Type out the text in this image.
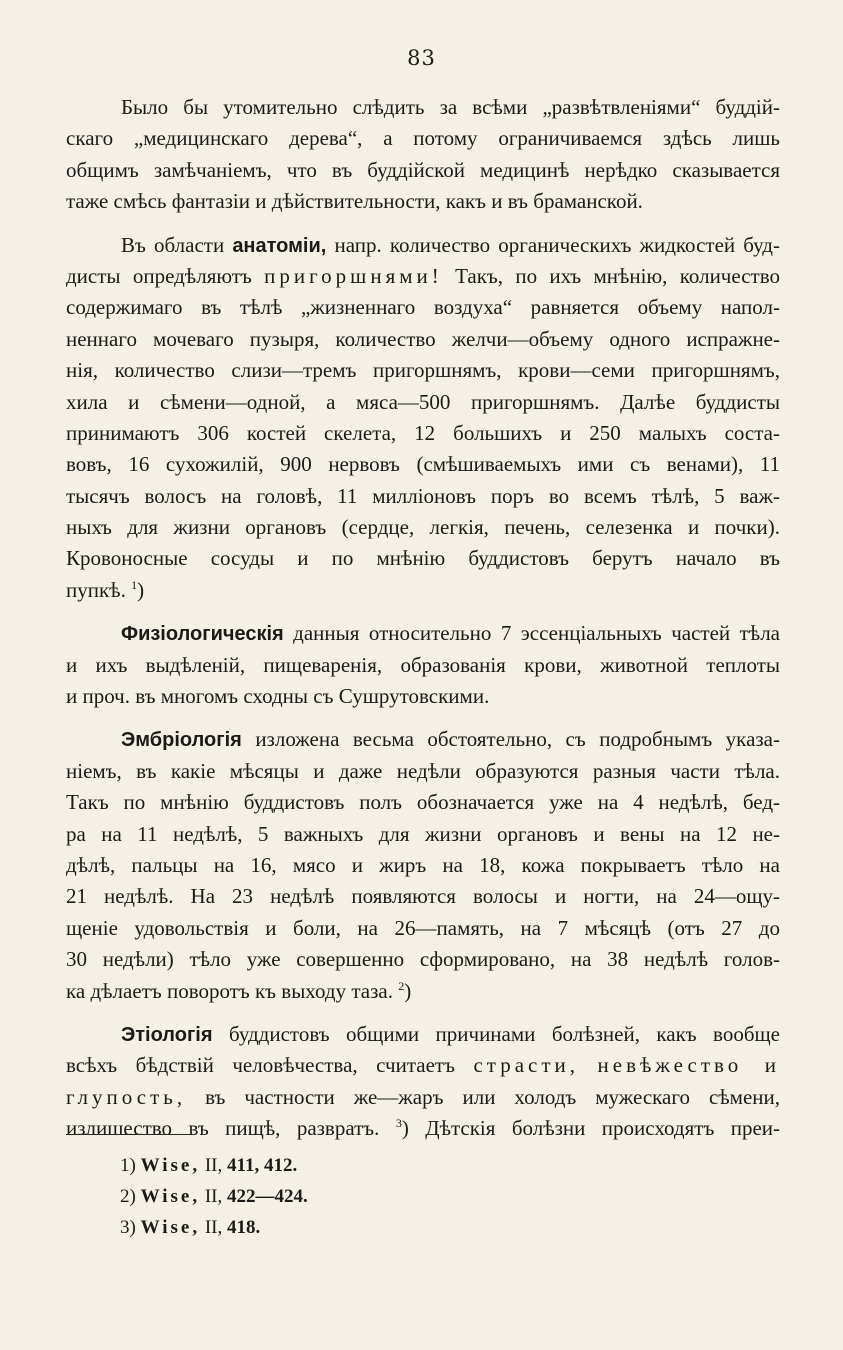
83
Было бы утомительно слѣдить за всѣми „развѣтвленіями“ буддій-
скаго „медицинскаго дерева“, а потому ограничиваемся здѣсь лишь
общимъ замѣчаніемъ, что въ буддійской медицинѣ нерѣдко сказывается
таже смѣсь фантазіи и дѣйствительности, какъ и въ браманской.
Въ области анатоміи, напр. количество органическихъ жидкостей буд-
дисты опредѣляютъ пригоршнями! Такъ, по ихъ мнѣнію, количество
содержимаго въ тѣлѣ „жизненнаго воздуха“ равняется объему напол-
неннаго мочеваго пузыря, количество желчи—объему одного испражне-
нія, количество слизи—тремъ пригоршнямъ, крови—семи пригоршнямъ,
хила и сѣмени—одной, а мяса—500 пригоршнямъ. Далѣе буддисты
принимаютъ 306 костей скелета, 12 большихъ и 250 малыхъ соста-
вовъ, 16 сухожилій, 900 нервовъ (смѣшиваемыхъ ими съ венами), 11
тысячъ волосъ на головѣ, 11 милліоновъ поръ во всемъ тѣлѣ, 5 важ-
ныхъ для жизни органовъ (сердце, легкія, печень, селезенка и почки).
Кровоносные сосуды и по мнѣнію буддистовъ берутъ начало въ
пупкѣ. $^1$)
Физіологическія данныя относительно 7 эссенціальныхъ частей тѣла
и ихъ выдѣленій, пищеваренія, образованія крови, животной теплоты
и проч. въ многомъ сходны съ Сушрутовскими.
Эмбріологія изложена весьма обстоятельно, съ подробнымъ указа-
ніемъ, въ какіе мѣсяцы и даже недѣли образуются разныя части тѣла.
Такъ по мнѣнію буддистовъ полъ обозначается уже на 4 недѣлѣ, бед-
ра на 11 недѣлѣ, 5 важныхъ для жизни органовъ и вены на 12 не-
дѣлѣ, пальцы на 16, мясо и жиръ на 18, кожа покрываетъ тѣло на
21 недѣлѣ. На 23 недѣлѣ появляются волосы и ногти, на 24—ощу-
щеніе удовольствія и боли, на 26—память, на 7 мѣсяцѣ (отъ 27 до
30 недѣли) тѣло уже совершенно сформировано, на 38 недѣлѣ голов-
ка дѣлаетъ поворотъ къ выходу таза. $^2$)
Этіологія буддистовъ общими причинами болѣзней, какъ вообще
всѣхъ бѣдствій человѣчества, считаетъ страсти, невѣжество и
глупость, въ частности же—жаръ или холодъ мужескаго сѣмени,
излишество въ пищѣ, развратъ. $^3$) Дѣтскія болѣзни происходятъ преи-
1) Wise, II, 411, 412.
2) Wise, II, 422—424.
3) Wise, II, 418.
